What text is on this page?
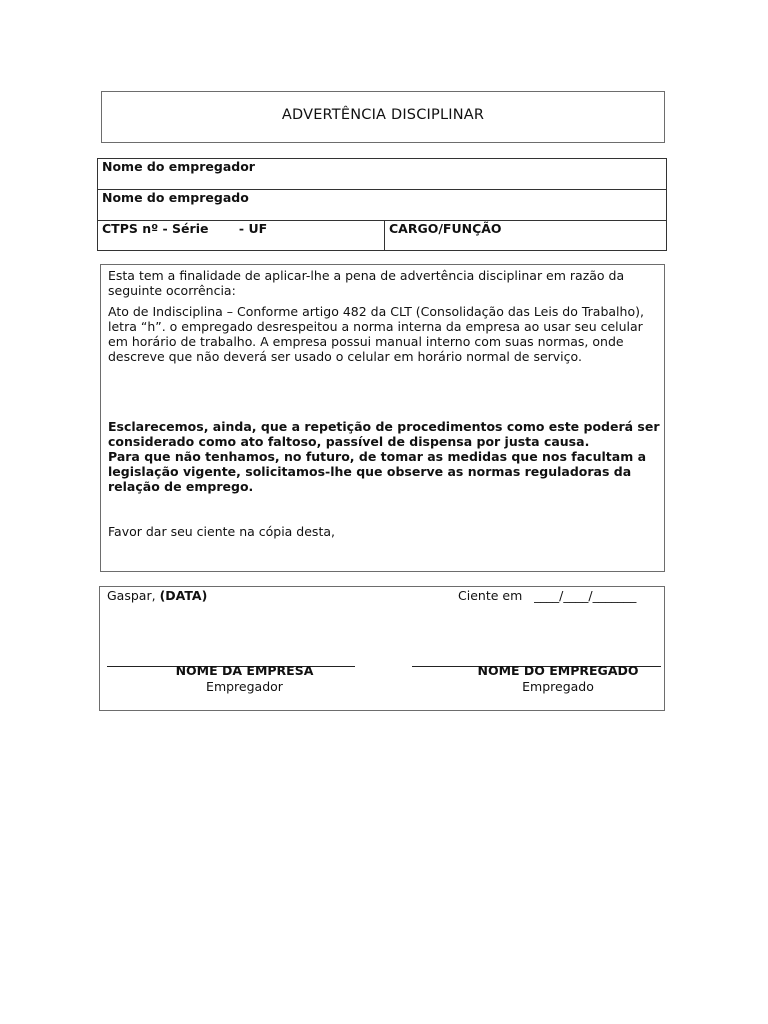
ADVERTÊNCIA DISCIPLINAR
Nome do empregador
Nome do empregado
CTPS nº - Série       - UF	CARGO/FUNÇÃO
Esta tem a finalidade de aplicar-lhe a pena de advertência disciplinar em razão da
seguinte ocorrência:
Ato de Indisciplina – Conforme artigo 482 da CLT (Consolidação das Leis do Trabalho),
letra “h”. o empregado desrespeitou a norma interna da empresa ao usar seu celular
em horário de trabalho. A empresa possui manual interno com suas normas, onde
descreve que não deverá ser usado o celular em horário normal de serviço.
Esclarecemos, ainda, que a repetição de procedimentos como este poderá ser
considerado como ato faltoso, passível de dispensa por justa causa.
Para que não tenhamos, no futuro, de tomar as medidas que nos facultam a
legislação vigente, solicitamos-lhe que observe as normas reguladoras da
relação de emprego.
Favor dar seu ciente na cópia desta,
Gaspar, (DATA)	Ciente em ____/____/_______
NOME DA EMPRESA
Empregador
NOME DO EMPREGADO
Empregado
